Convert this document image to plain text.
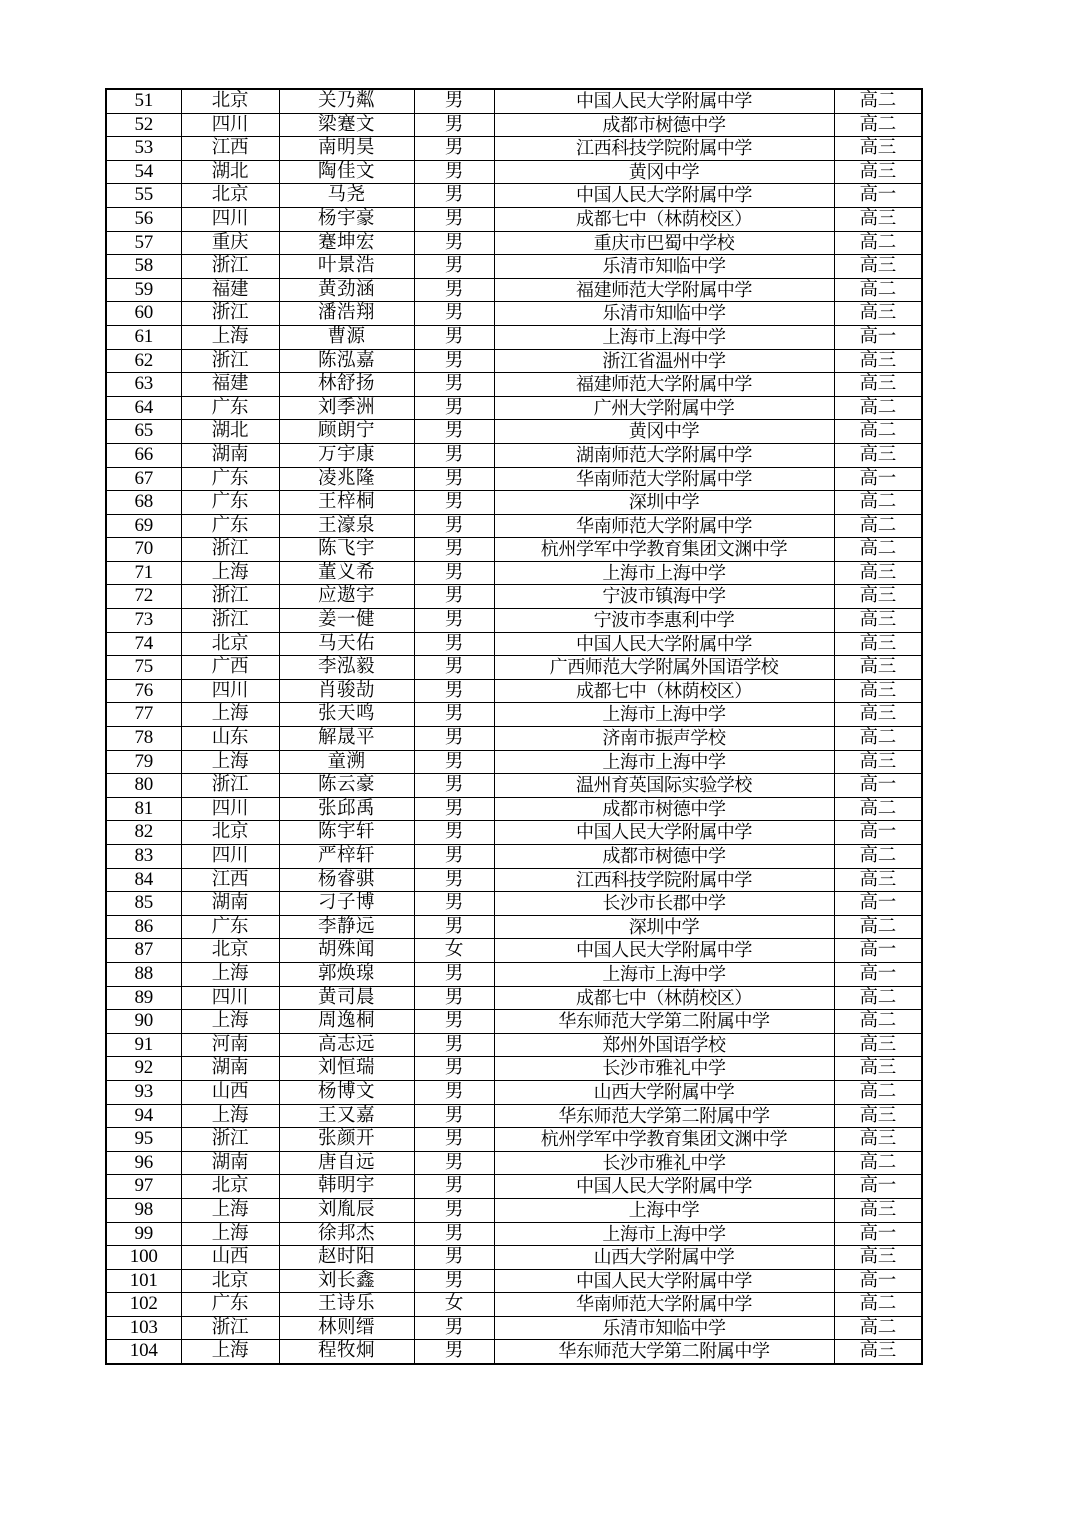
51	北京	关乃粼	男	中国人民大学附属中学	高二
52	四川	梁蹇文	男	成都市树德中学	高二
53	江西	南明昊	男	江西科技学院附属中学	高三
54	湖北	陶佳文	男	黄冈中学	高三
55	北京	马尧	男	中国人民大学附属中学	高一
56	四川	杨宇豪	男	成都七中（林荫校区）	高三
57	重庆	蹇坤宏	男	重庆市巴蜀中学校	高二
58	浙江	叶景浩	男	乐清市知临中学	高三
59	福建	黄劲涵	男	福建师范大学附属中学	高二
60	浙江	潘浩翔	男	乐清市知临中学	高三
61	上海	曹源	男	上海市上海中学	高一
62	浙江	陈泓嘉	男	浙江省温州中学	高三
63	福建	林舒扬	男	福建师范大学附属中学	高三
64	广东	刘季洲	男	广州大学附属中学	高二
65	湖北	顾朗宁	男	黄冈中学	高二
66	湖南	万宇康	男	湖南师范大学附属中学	高三
67	广东	凌兆隆	男	华南师范大学附属中学	高一
68	广东	王梓桐	男	深圳中学	高二
69	广东	王濠泉	男	华南师范大学附属中学	高二
70	浙江	陈飞宇	男	杭州学军中学教育集团文渊中学	高二
71	上海	董义希	男	上海市上海中学	高三
72	浙江	应遨宇	男	宁波市镇海中学	高三
73	浙江	姜一健	男	宁波市李惠利中学	高三
74	北京	马天佑	男	中国人民大学附属中学	高三
75	广西	李泓毅	男	广西师范大学附属外国语学校	高三
76	四川	肖骏劼	男	成都七中（林荫校区）	高三
77	上海	张天鸣	男	上海市上海中学	高三
78	山东	解晟平	男	济南市振声学校	高二
79	上海	童溯	男	上海市上海中学	高三
80	浙江	陈云豪	男	温州育英国际实验学校	高一
81	四川	张邱禹	男	成都市树德中学	高二
82	北京	陈宇轩	男	中国人民大学附属中学	高一
83	四川	严梓轩	男	成都市树德中学	高二
84	江西	杨睿骐	男	江西科技学院附属中学	高三
85	湖南	刁子博	男	长沙市长郡中学	高一
86	广东	李静远	男	深圳中学	高二
87	北京	胡殊闻	女	中国人民大学附属中学	高一
88	上海	郭焕瑔	男	上海市上海中学	高一
89	四川	黄司晨	男	成都七中（林荫校区）	高二
90	上海	周逸桐	男	华东师范大学第二附属中学	高二
91	河南	高志远	男	郑州外国语学校	高三
92	湖南	刘恒瑞	男	长沙市雅礼中学	高三
93	山西	杨博文	男	山西大学附属中学	高二
94	上海	王又嘉	男	华东师范大学第二附属中学	高三
95	浙江	张颜开	男	杭州学军中学教育集团文渊中学	高三
96	湖南	唐自远	男	长沙市雅礼中学	高二
97	北京	韩明宇	男	中国人民大学附属中学	高一
98	上海	刘胤辰	男	上海中学	高三
99	上海	徐邦杰	男	上海市上海中学	高一
100	山西	赵时阳	男	山西大学附属中学	高三
101	北京	刘长鑫	男	中国人民大学附属中学	高一
102	广东	王诗乐	女	华南师范大学附属中学	高二
103	浙江	林则缙	男	乐清市知临中学	高二
104	上海	程牧炯	男	华东师范大学第二附属中学	高三
